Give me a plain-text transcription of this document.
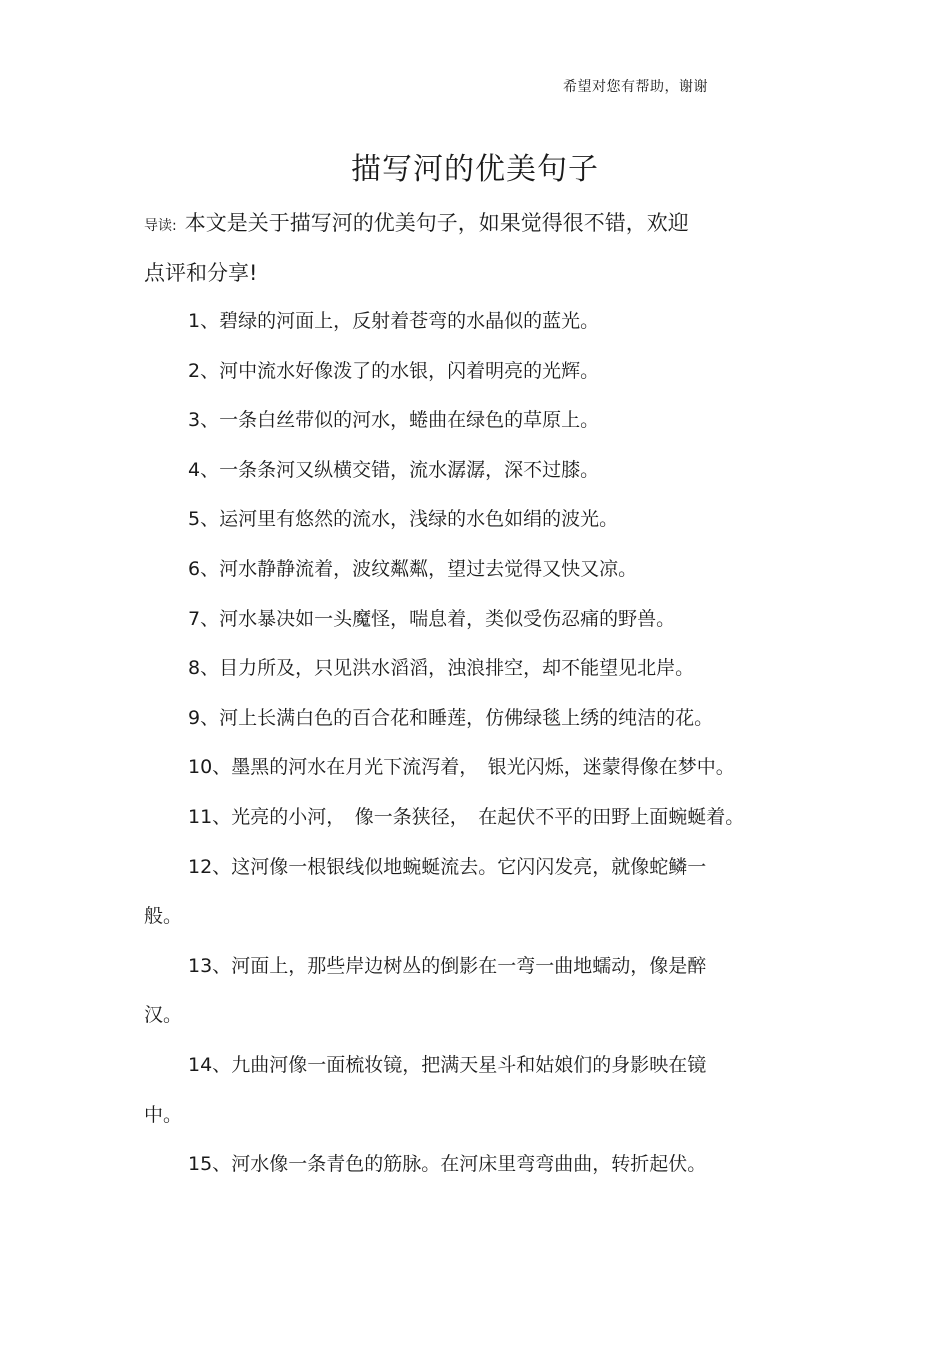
希望对您有帮助，谢谢
描写河的优美句子
导读: 本文是关于描写河的优美句子，如果觉得很不错，欢迎
点评和分享!
1、碧绿的河面上，反射着苍弯的水晶似的蓝光。
2、河中流水好像泼了的水银，闪着明亮的光辉。
3、一条白丝带似的河水，蜷曲在绿色的草原上。
4、一条条河又纵横交错，流水潺潺，深不过膝。
5、运河里有悠然的流水，浅绿的水色如绢的波光。
6、河水静静流着，波纹粼粼，望过去觉得又快又凉。
7、河水暴决如一头魔怪，喘息着，类似受伤忍痛的野兽。
8、目力所及，只见洪水滔滔，浊浪排空，却不能望见北岸。
9、河上长满白色的百合花和睡莲，仿佛绿毯上绣的纯洁的花。
10、墨黑的河水在月光下流泻着，　银光闪烁，迷蒙得像在梦中。
11、光亮的小河，　像一条狭径，　在起伏不平的田野上面蜿蜒着。
12、这河像一根银线似地蜿蜒流去。它闪闪发亮，就像蛇鳞一
般。
13、河面上，那些岸边树丛的倒影在一弯一曲地蠕动，像是醉
汉。
14、九曲河像一面梳妆镜，把满天星斗和姑娘们的身影映在镜
中。
15、河水像一条青色的筋脉。在河床里弯弯曲曲，转折起伏。
